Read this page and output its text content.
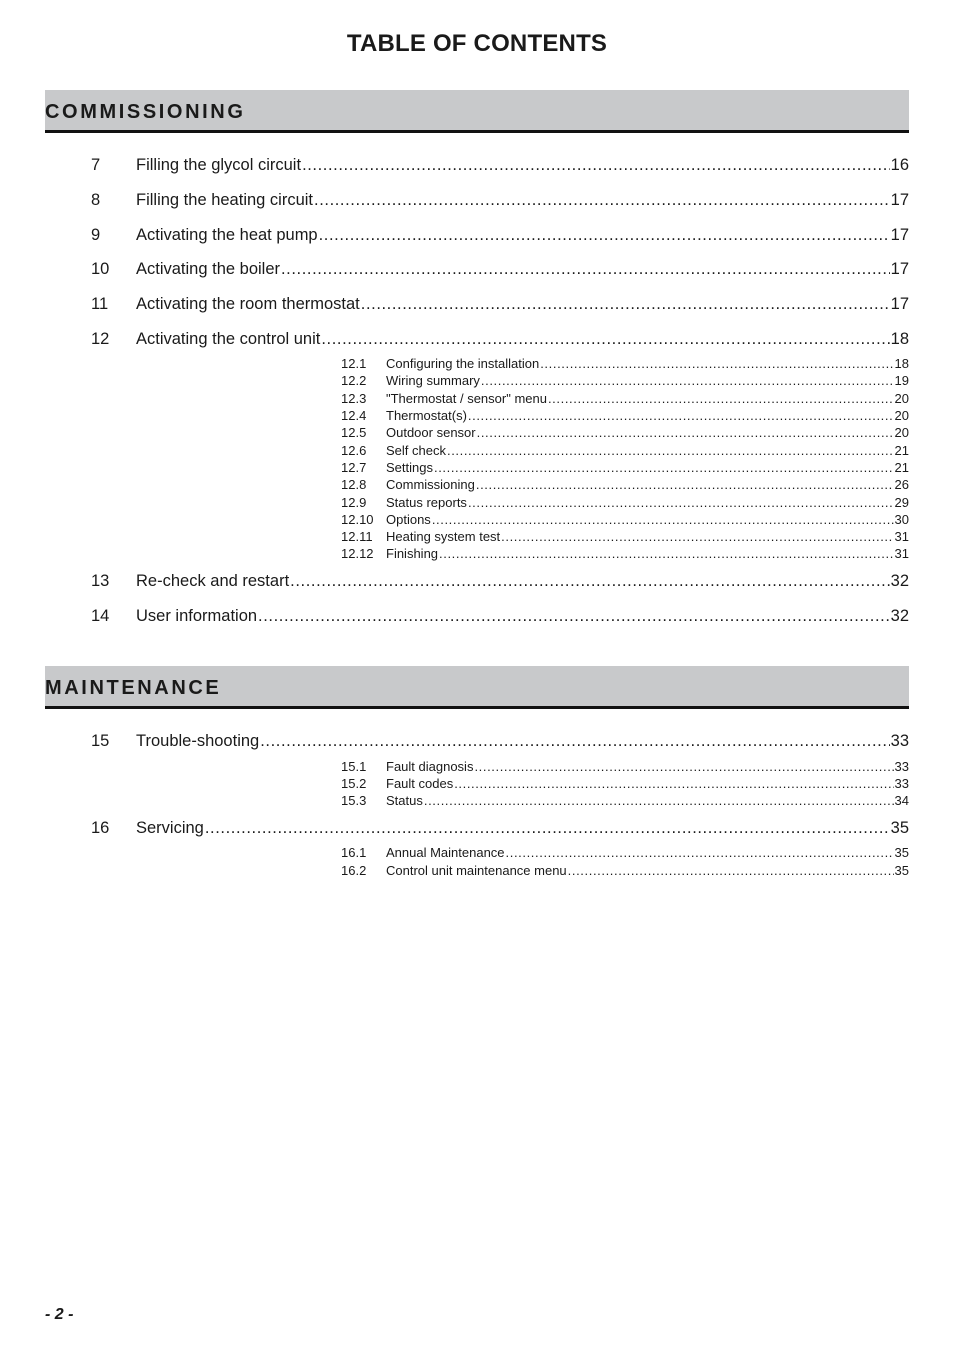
TABLE OF CONTENTS
COMMISSIONING
7 Filling the glycol circuit .....	16
8 Filling the heating circuit .....	17
9 Activating the heat pump .....	17
10 Activating the boiler .....	17
11 Activating the room thermostat .....	17
12 Activating the control unit .....	18
12.1 Configuring the installation .....	18
12.2 Wiring summary .....	19
12.3 "Thermostat / sensor" menu .....	20
12.4 Thermostat(s) .....	20
12.5 Outdoor sensor .....	20
12.6 Self check .....	21
12.7 Settings .....	21
12.8 Commissioning .....	26
12.9 Status reports .....	29
12.10 Options .....	30
12.11 Heating system test .....	31
12.12 Finishing .....	31
13 Re-check and restart .....	32
14 User information .....	32
MAINTENANCE
15 Trouble-shooting .....	33
15.1 Fault diagnosis .....	33
15.2 Fault codes .....	33
15.3 Status .....	34
16 Servicing .....	35
16.1 Annual Maintenance .....	35
16.2 Control unit maintenance menu .....	35
- 2 -
